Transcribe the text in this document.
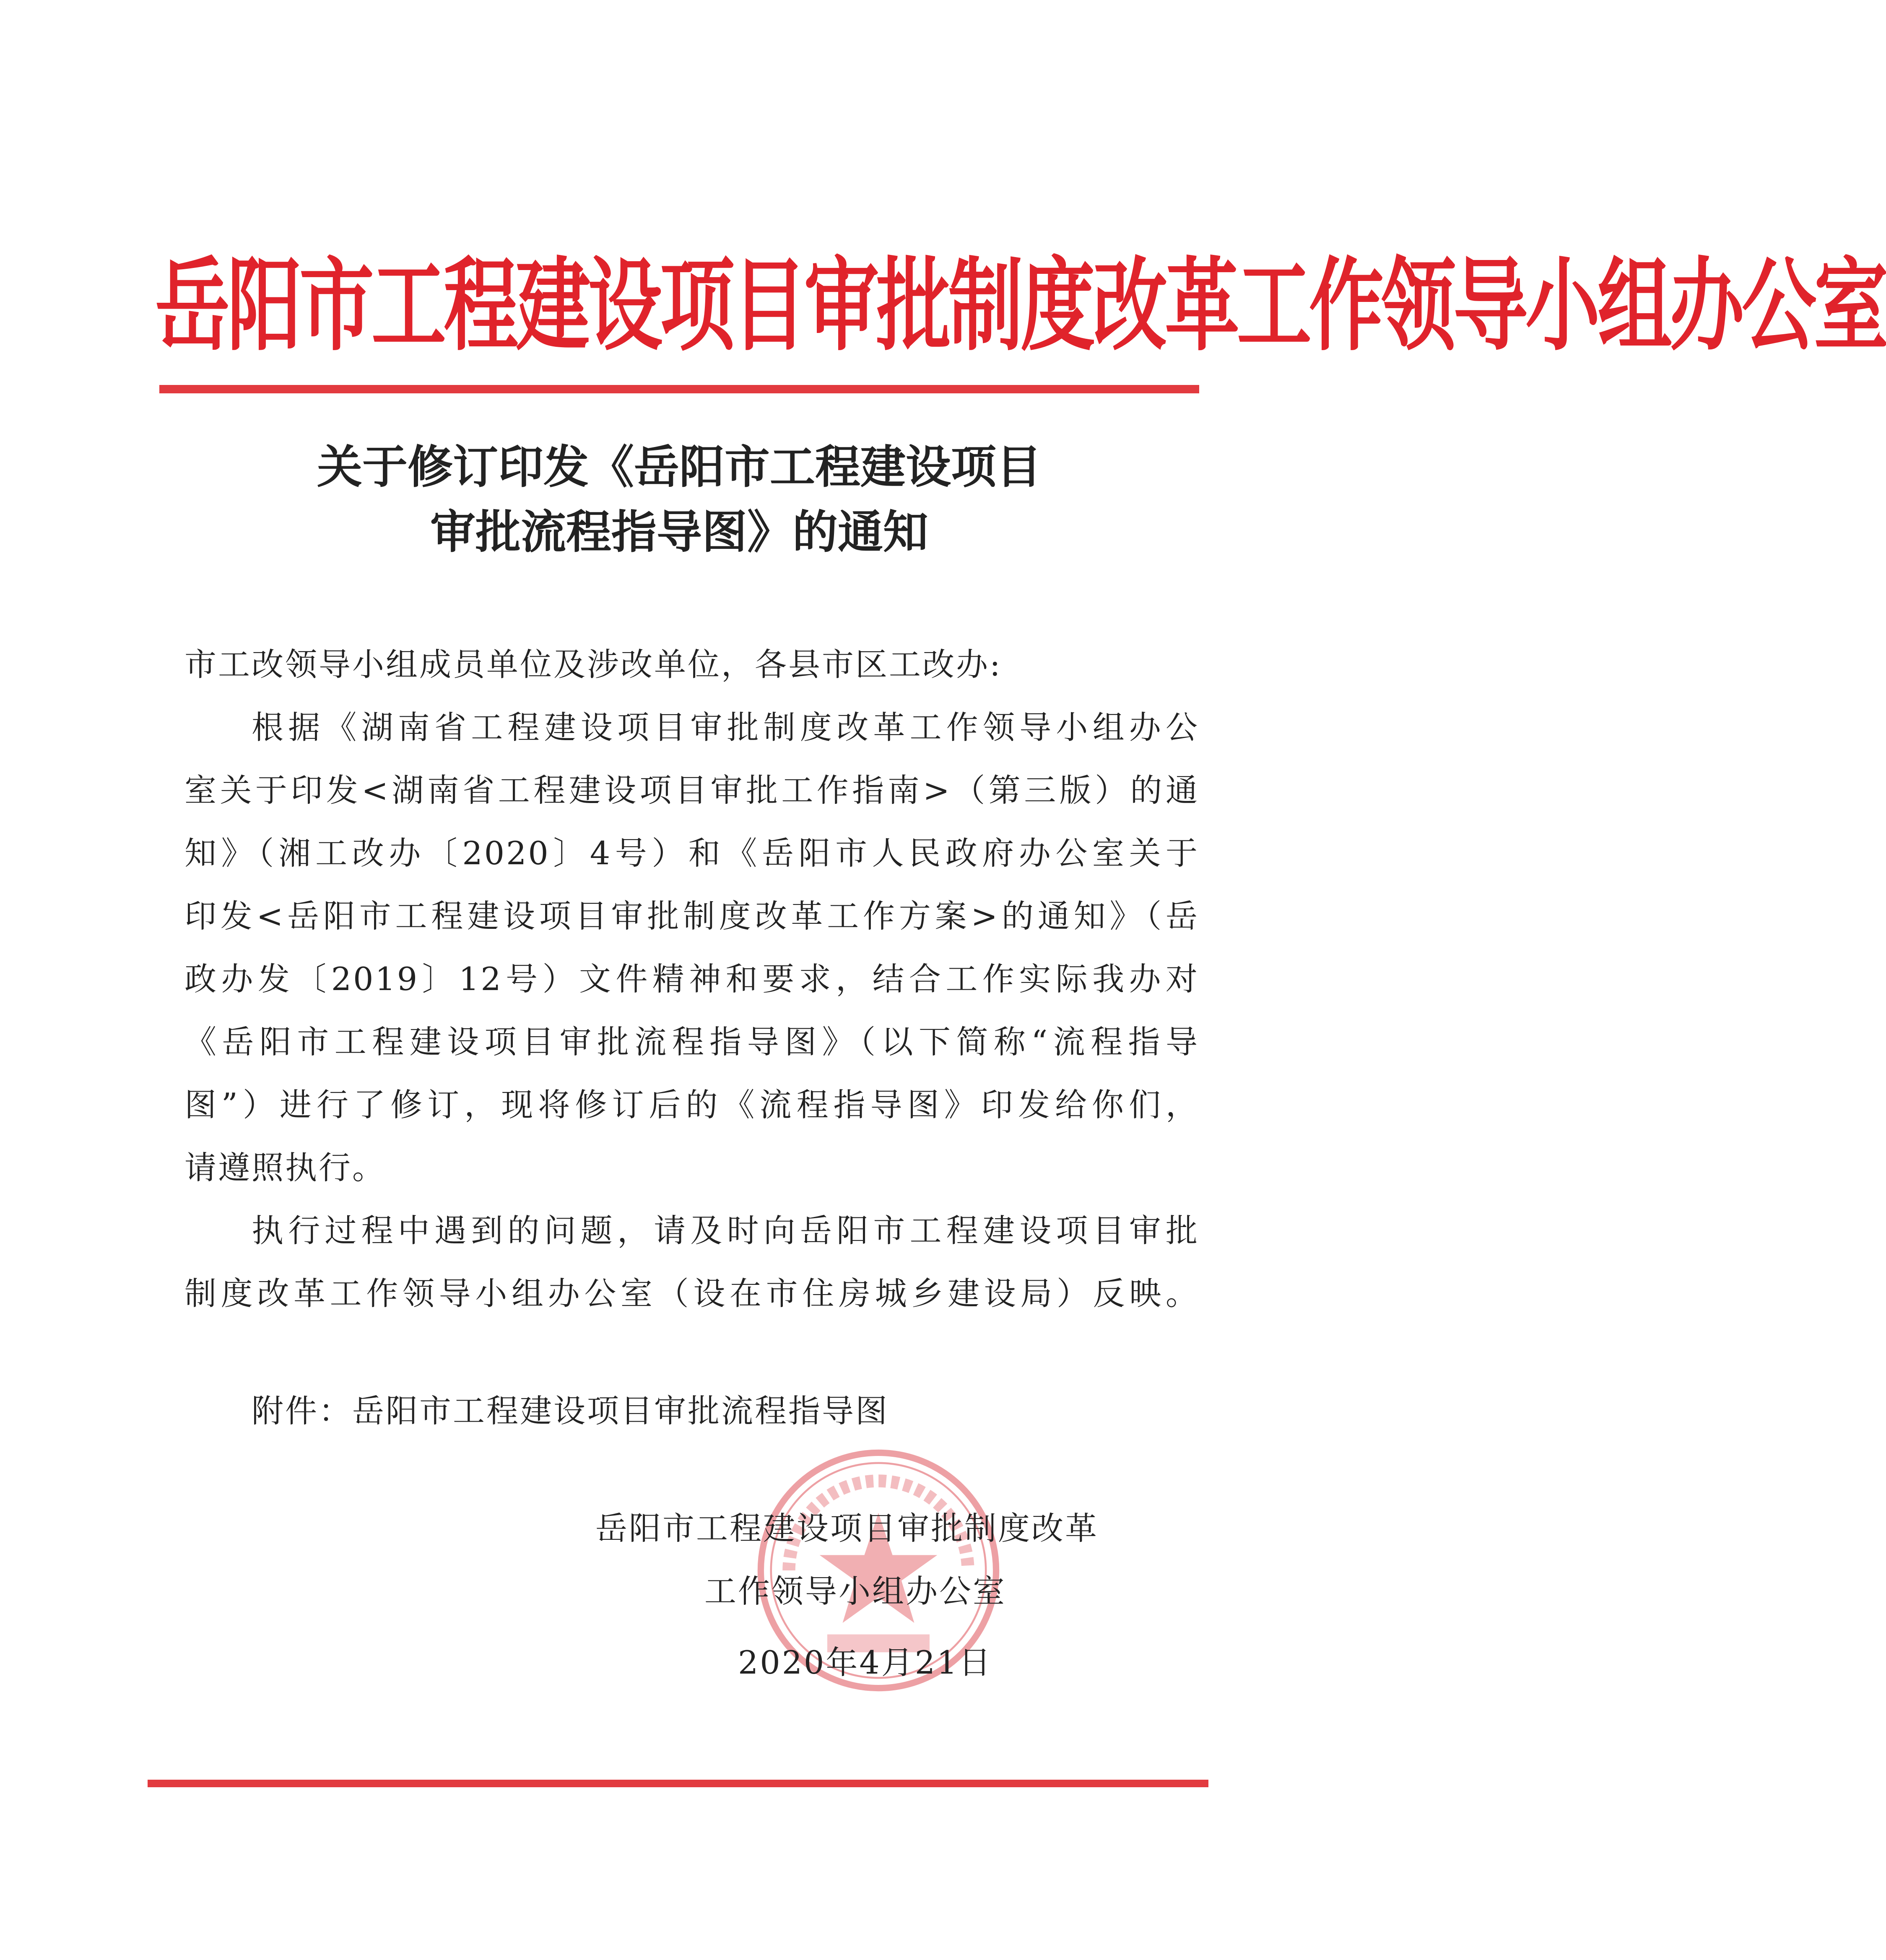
岳阳市工程建设项目审批制度改革工作领导小组办公室
关于修订印发《岳阳市工程建设项目
审批流程指导图》的通知
市工改领导小组成员单位及涉改单位，各县市区工改办:
根据《湖南省工程建设项目审批制度改革工作领导小组办公
室关于印发<湖南省工程建设项目审批工作指南>（第三版）的通
知》（湘工改办〔2020〕4号）和《岳阳市人民政府办公室关于
印发<岳阳市工程建设项目审批制度改革工作方案>的通知》（岳
政办发〔2019〕12号）文件精神和要求，结合工作实际我办对
《岳阳市工程建设项目审批流程指导图》（以下简称“流程指导
图”）进行了修订，现将修订后的《流程指导图》印发给你们，
请遵照执行。
执行过程中遇到的问题，请及时向岳阳市工程建设项目审批
制度改革工作领导小组办公室（设在市住房城乡建设局）反映。
附件：岳阳市工程建设项目审批流程指导图
岳阳市工程建设项目审批制度改革
工作领导小组办公室
2020年4月21日
